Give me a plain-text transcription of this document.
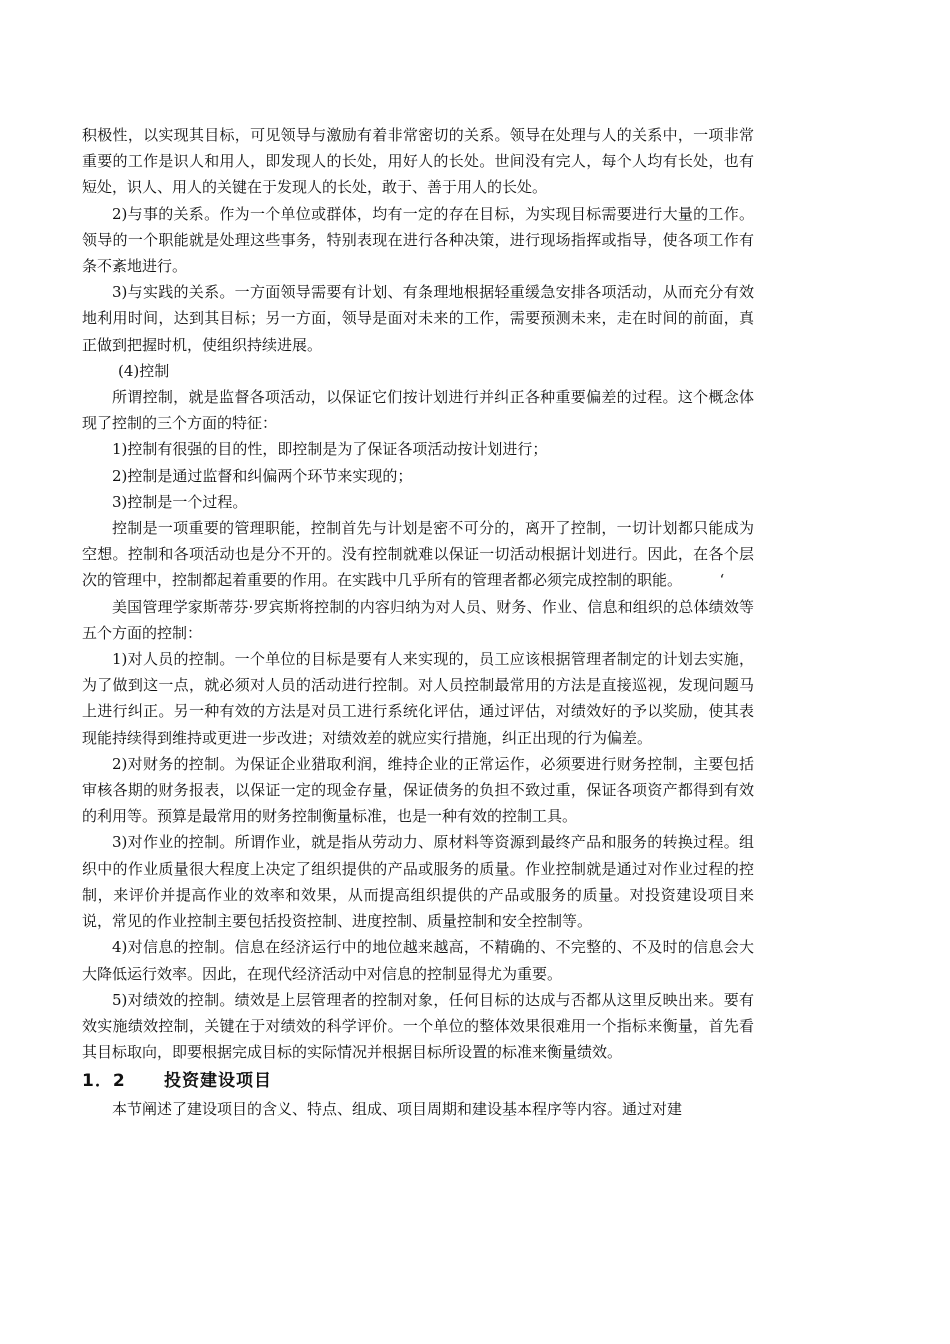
积极性，以实现其目标，可见领导与激励有着非常密切的关系。领导在处理与人的关系中，一项非常重要的工作是识人和用人，即发现人的长处，用好人的长处。世间没有完人，每个人均有长处，也有短处，识人、用人的关键在于发现人的长处，敢于、善于用人的长处。

2)与事的关系。作为一个单位或群体，均有一定的存在目标，为实现目标需要进行大量的工作。领导的一个职能就是处理这些事务，特别表现在进行各种决策，进行现场指挥或指导，使各项工作有条不紊地进行。

3)与实践的关系。一方面领导需要有计划、有条理地根据轻重缓急安排各项活动，从而充分有效地利用时间，达到其目标；另一方面，领导是面对未来的工作，需要预测未来，走在时间的前面，真正做到把握时机，使组织持续进展。

(4)控制

所谓控制，就是监督各项活动，以保证它们按计划进行并纠正各种重要偏差的过程。这个概念体现了控制的三个方面的特征：

1)控制有很强的目的性，即控制是为了保证各项活动按计划进行；

2)控制是通过监督和纠偏两个环节来实现的；

3)控制是一个过程。

控制是一项重要的管理职能，控制首先与计划是密不可分的，离开了控制，一切计划都只能成为空想。控制和各项活动也是分不开的。没有控制就难以保证一切活动根据计划进行。因此，在各个层次的管理中，控制都起着重要的作用。在实践中几乎所有的管理者都必须完成控制的职能。　　　‘

美国管理学家斯蒂芬·罗宾斯将控制的内容归纳为对人员、财务、作业、信息和组织的总体绩效等五个方面的控制：

1)对人员的控制。一个单位的目标是要有人来实现的，员工应该根据管理者制定的计划去实施，为了做到这一点，就必须对人员的活动进行控制。对人员控制最常用的方法是直接巡视，发现问题马上进行纠正。另一种有效的方法是对员工进行系统化评估，通过评估，对绩效好的予以奖励，使其表现能持续得到维持或更进一步改进；对绩效差的就应实行措施，纠正出现的行为偏差。

2)对财务的控制。为保证企业猎取利润，维持企业的正常运作，必须要进行财务控制，主要包括审核各期的财务报表，以保证一定的现金存量，保证债务的负担不致过重，保证各项资产都得到有效的利用等。预算是最常用的财务控制衡量标准，也是一种有效的控制工具。

3)对作业的控制。所谓作业，就是指从劳动力、原材料等资源到最终产品和服务的转换过程。组织中的作业质量很大程度上决定了组织提供的产品或服务的质量。作业控制就是通过对作业过程的控制，来评价并提高作业的效率和效果，从而提高组织提供的产品或服务的质量。对投资建设项目来说，常见的作业控制主要包括投资控制、进度控制、质量控制和安全控制等。

4)对信息的控制。信息在经济运行中的地位越来越高，不精确的、不完整的、不及时的信息会大大降低运行效率。因此，在现代经济活动中对信息的控制显得尤为重要。

5)对绩效的控制。绩效是上层管理者的控制对象，任何目标的达成与否都从这里反映出来。要有效实施绩效控制，关键在于对绩效的科学评价。一个单位的整体效果很难用一个指标来衡量，首先看其目标取向，即要根据完成目标的实际情况并根据目标所设置的标准来衡量绩效。

1．2 投资建设项目

本节阐述了建设项目的含义、特点、组成、项目周期和建设基本程序等内容。通过对建
